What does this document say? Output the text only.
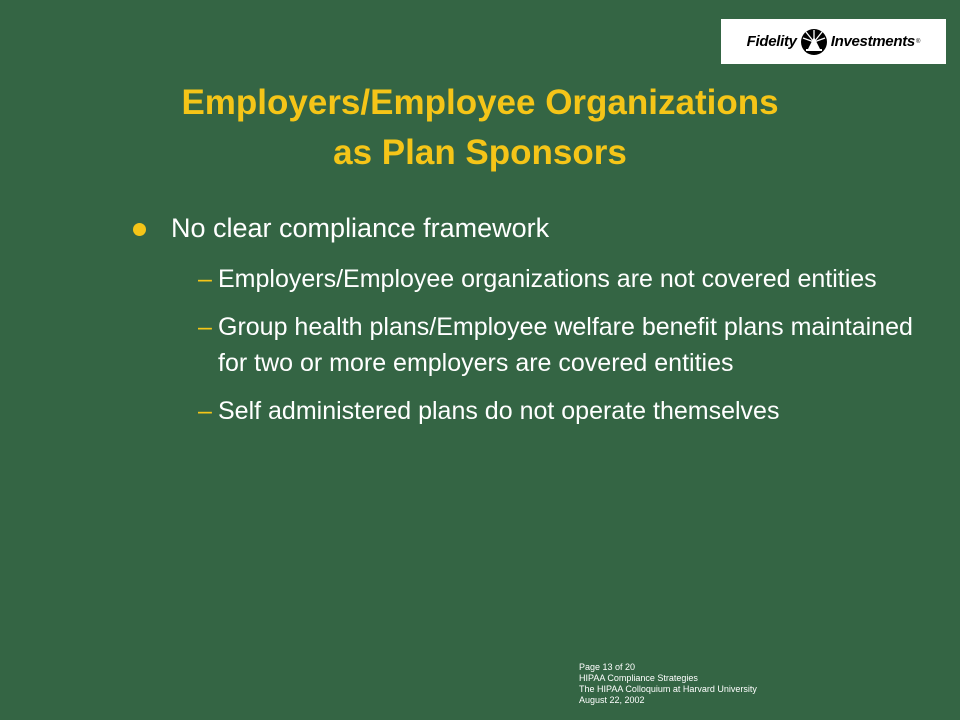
Fidelity Investments ®
Employers/Employee Organizations
as Plan Sponsors
No clear compliance framework
– Employers/Employee organizations are not covered entities
– Group health plans/Employee welfare benefit plans maintained for two or more employers are covered entities
– Self administered plans do not operate themselves
Page 13 of 20
HIPAA Compliance Strategies
The HIPAA Colloquium at Harvard University
August 22, 2002
